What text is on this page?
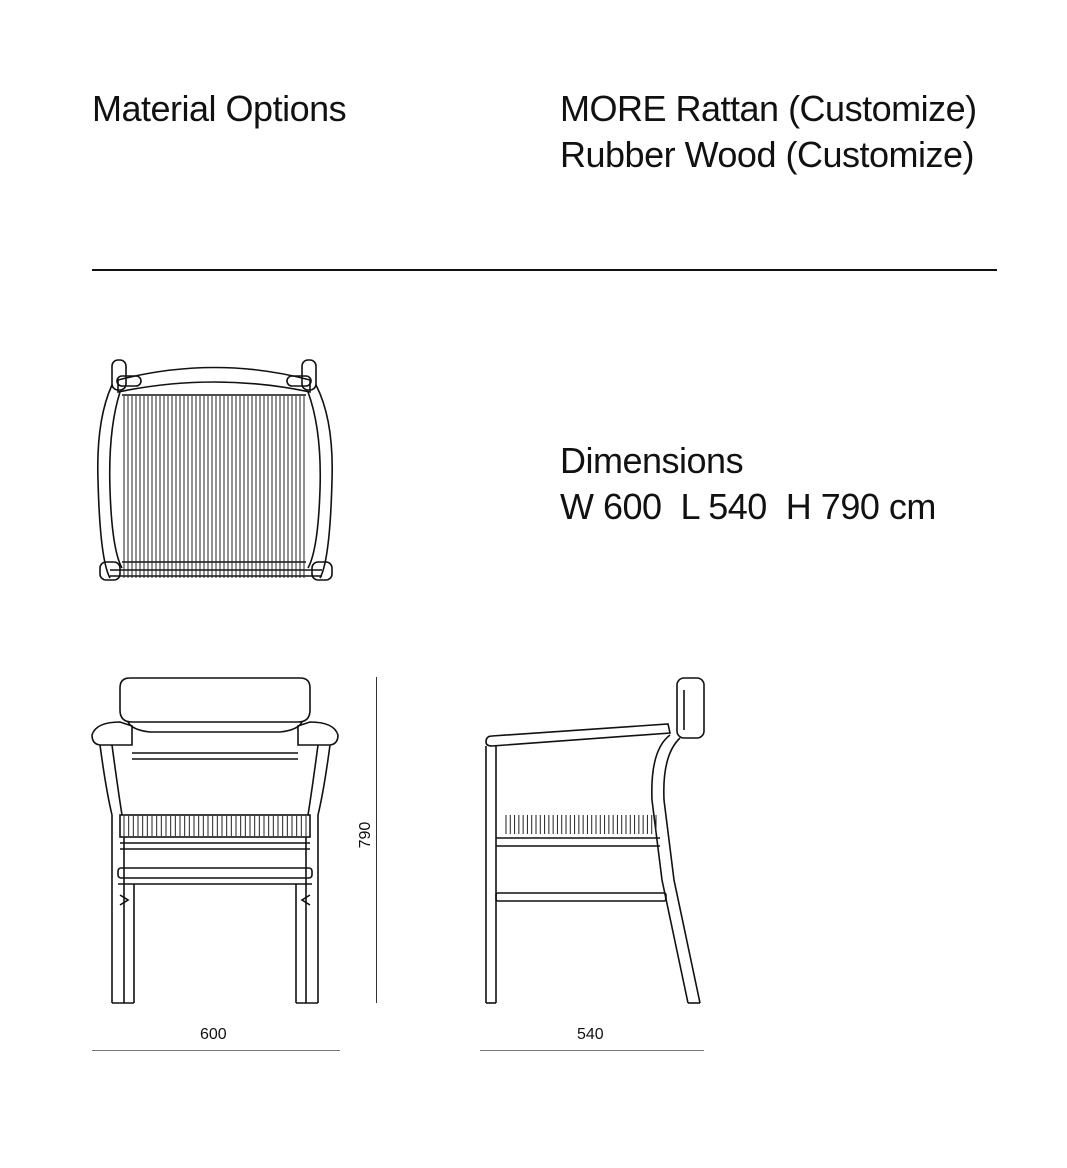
Material Options	MORE Rattan (Customize)
Rubber Wood (Customize)
Dimensions
W 600  L 540  H 790 cm
790
600	540
